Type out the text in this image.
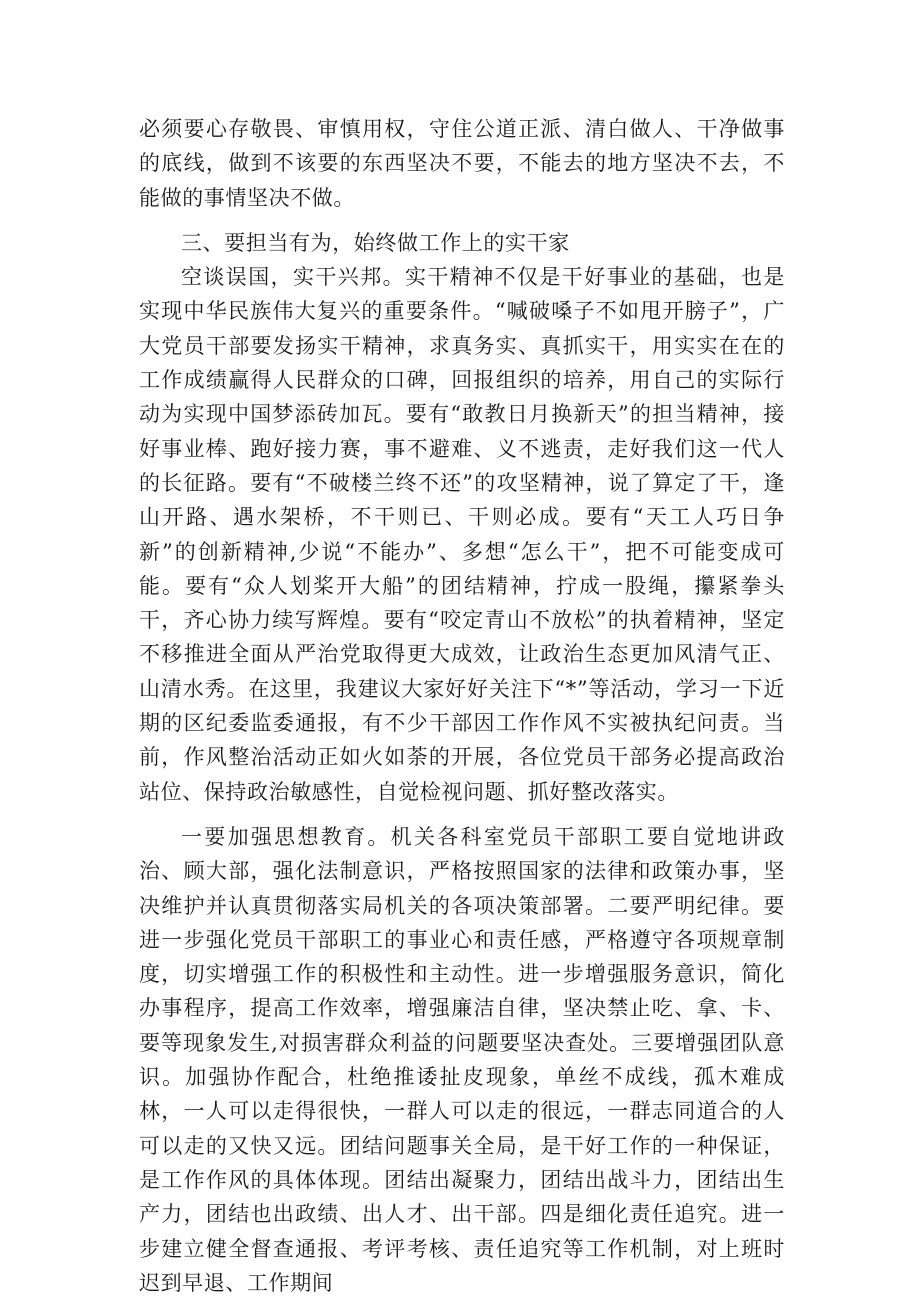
必须要心存敬畏、审慎用权，守住公道正派、清白做人、干净做事的底线，做到不该要的东西坚决不要，不能去的地方坚决不去，不能做的事情坚决不做。

三、要担当有为，始终做工作上的实干家

空谈误国，实干兴邦。实干精神不仅是干好事业的基础，也是实现中华民族伟大复兴的重要条件。“喊破嗓子不如甩开膀子”，广大党员干部要发扬实干精神，求真务实、真抓实干，用实实在在的工作成绩赢得人民群众的口碑，回报组织的培养，用自己的实际行动为实现中国梦添砖加瓦。要有“敢教日月换新天”的担当精神，接好事业棒、跑好接力赛，事不避难、义不逃责，走好我们这一代人的长征路。要有“不破楼兰终不还”的攻坚精神，说了算定了干，逢山开路、遇水架桥，不干则已、干则必成。要有“天工人巧日争新”的创新精神,少说“不能办”、多想“怎么干”，把不可能变成可能。要有“众人划桨开大船”的团结精神，拧成一股绳，攥紧拳头干，齐心协力续写辉煌。要有“咬定青山不放松”的执着精神，坚定不移推进全面从严治党取得更大成效，让政治生态更加风清气正、山清水秀。在这里，我建议大家好好关注下“*”等活动，学习一下近期的区纪委监委通报，有不少干部因工作作风不实被执纪问责。当前，作风整治活动正如火如荼的开展，各位党员干部务必提高政治站位、保持政治敏感性，自觉检视问题、抓好整改落实。

一要加强思想教育。机关各科室党员干部职工要自觉地讲政治、顾大部，强化法制意识，严格按照国家的法律和政策办事，坚决维护并认真贯彻落实局机关的各项决策部署。二要严明纪律。要进一步强化党员干部职工的事业心和责任感，严格遵守各项规章制度，切实增强工作的积极性和主动性。进一步增强服务意识，简化办事程序，提高工作效率，增强廉洁自律，坚决禁止吃、拿、卡、要等现象发生,对损害群众利益的问题要坚决查处。三要增强团队意识。加强协作配合，杜绝推诿扯皮现象，单丝不成线，孤木难成林，一人可以走得很快，一群人可以走的很远，一群志同道合的人可以走的又快又远。团结问题事关全局，是干好工作的一种保证，是工作作风的具体体现。团结出凝聚力，团结出战斗力，团结出生产力，团结也出政绩、出人才、出干部。四是细化责任追究。进一步建立健全督查通报、考评考核、责任追究等工作机制，对上班时迟到早退、工作期间
